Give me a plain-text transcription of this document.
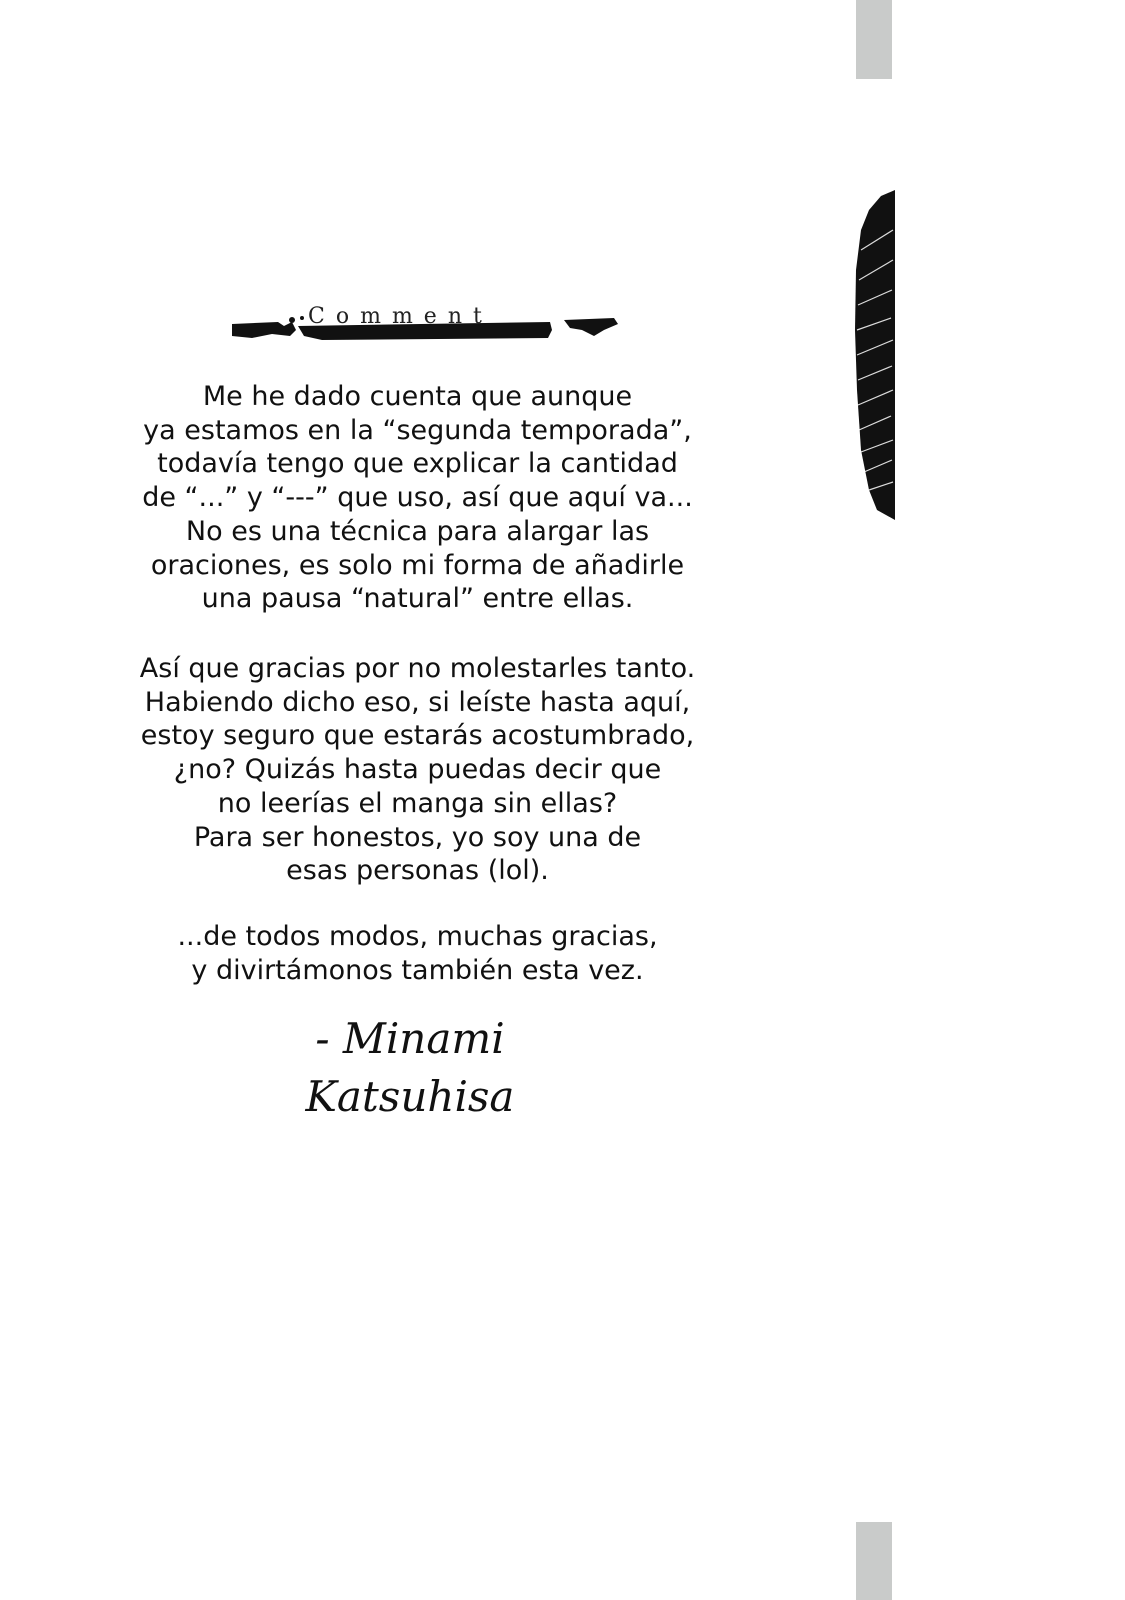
Comment
Me he dado cuenta que aunque
ya estamos en la “segunda temporada”,
todavía tengo que explicar la cantidad
de “...” y “---” que uso, así que aquí va...
No es una técnica para alargar las
oraciones, es solo mi forma de añadirle
una pausa “natural” entre ellas.
Así que gracias por no molestarles tanto.
Habiendo dicho eso, si leíste hasta aquí,
estoy seguro que estarás acostumbrado,
¿no? Quizás hasta puedas decir que
no leerías el manga sin ellas?
Para ser honestos, yo soy una de
esas personas (lol).
...de todos modos, muchas gracias,
y divirtámonos también esta vez.
- Minami
Katsuhisa
